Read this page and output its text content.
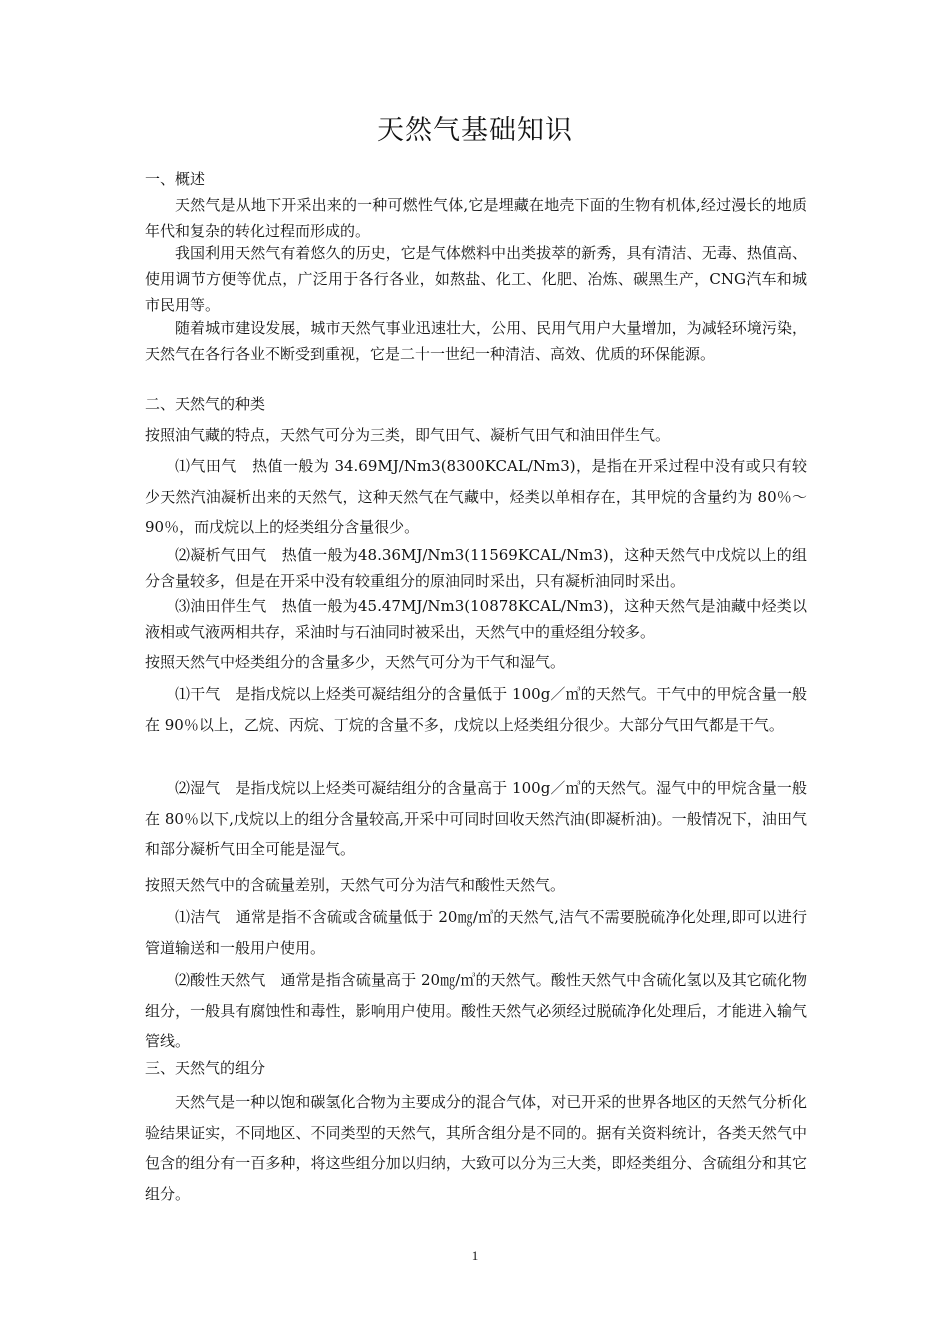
天然气基础知识
一、概述
天然气是从地下开采出来的一种可燃性气体,它是埋藏在地壳下面的生物有机体,经过漫长的地质年代和复杂的转化过程而形成的。
我国利用天然气有着悠久的历史，它是气体燃料中出类拔萃的新秀，具有清洁、无毒、热值高、使用调节方便等优点，广泛用于各行各业，如熬盐、化工、化肥、冶炼、碳黑生产，CNG汽车和城市民用等。
随着城市建设发展，城市天然气事业迅速壮大，公用、民用气用户大量增加，为减轻环境污染，天然气在各行各业不断受到重视，它是二十一世纪一种清洁、高效、优质的环保能源。
二、天然气的种类
按照油气藏的特点，天然气可分为三类，即气田气、凝析气田气和油田伴生气。
⑴气田气　热值一般为 34.69MJ/Nm3(8300KCAL/Nm3)，是指在开采过程中没有或只有较少天然汽油凝析出来的天然气，这种天然气在气藏中，烃类以单相存在，其甲烷的含量约为 80％～90％，而戊烷以上的烃类组分含量很少。
⑵凝析气田气　热值一般为48.36MJ/Nm3(11569KCAL/Nm3)，这种天然气中戊烷以上的组分含量较多，但是在开采中没有较重组分的原油同时采出，只有凝析油同时采出。
⑶油田伴生气　热值一般为45.47MJ/Nm3(10878KCAL/Nm3)，这种天然气是油藏中烃类以液相或气液两相共存，采油时与石油同时被采出，天然气中的重烃组分较多。
按照天然气中烃类组分的含量多少，天然气可分为干气和湿气。
⑴干气　是指戊烷以上烃类可凝结组分的含量低于 100g／㎥的天然气。干气中的甲烷含量一般在 90％以上，乙烷、丙烷、丁烷的含量不多，戊烷以上烃类组分很少。大部分气田气都是干气。
⑵湿气　是指戊烷以上烃类可凝结组分的含量高于 100g／㎥的天然气。湿气中的甲烷含量一般在 80％以下,戊烷以上的组分含量较高,开采中可同时回收天然汽油(即凝析油)。一般情况下，油田气和部分凝析气田全可能是湿气。
按照天然气中的含硫量差别，天然气可分为洁气和酸性天然气。
⑴洁气　通常是指不含硫或含硫量低于 20㎎/㎥的天然气,洁气不需要脱硫净化处理,即可以进行管道输送和一般用户使用。
⑵酸性天然气　通常是指含硫量高于 20㎎/㎥的天然气。酸性天然气中含硫化氢以及其它硫化物组分，一般具有腐蚀性和毒性，影响用户使用。酸性天然气必须经过脱硫净化处理后，才能进入输气管线。
三、天然气的组分
天然气是一种以饱和碳氢化合物为主要成分的混合气体，对已开采的世界各地区的天然气分析化验结果证实，不同地区、不同类型的天然气，其所含组分是不同的。据有关资料统计，各类天然气中包含的组分有一百多种，将这些组分加以归纳，大致可以分为三大类，即烃类组分、含硫组分和其它组分。
1
